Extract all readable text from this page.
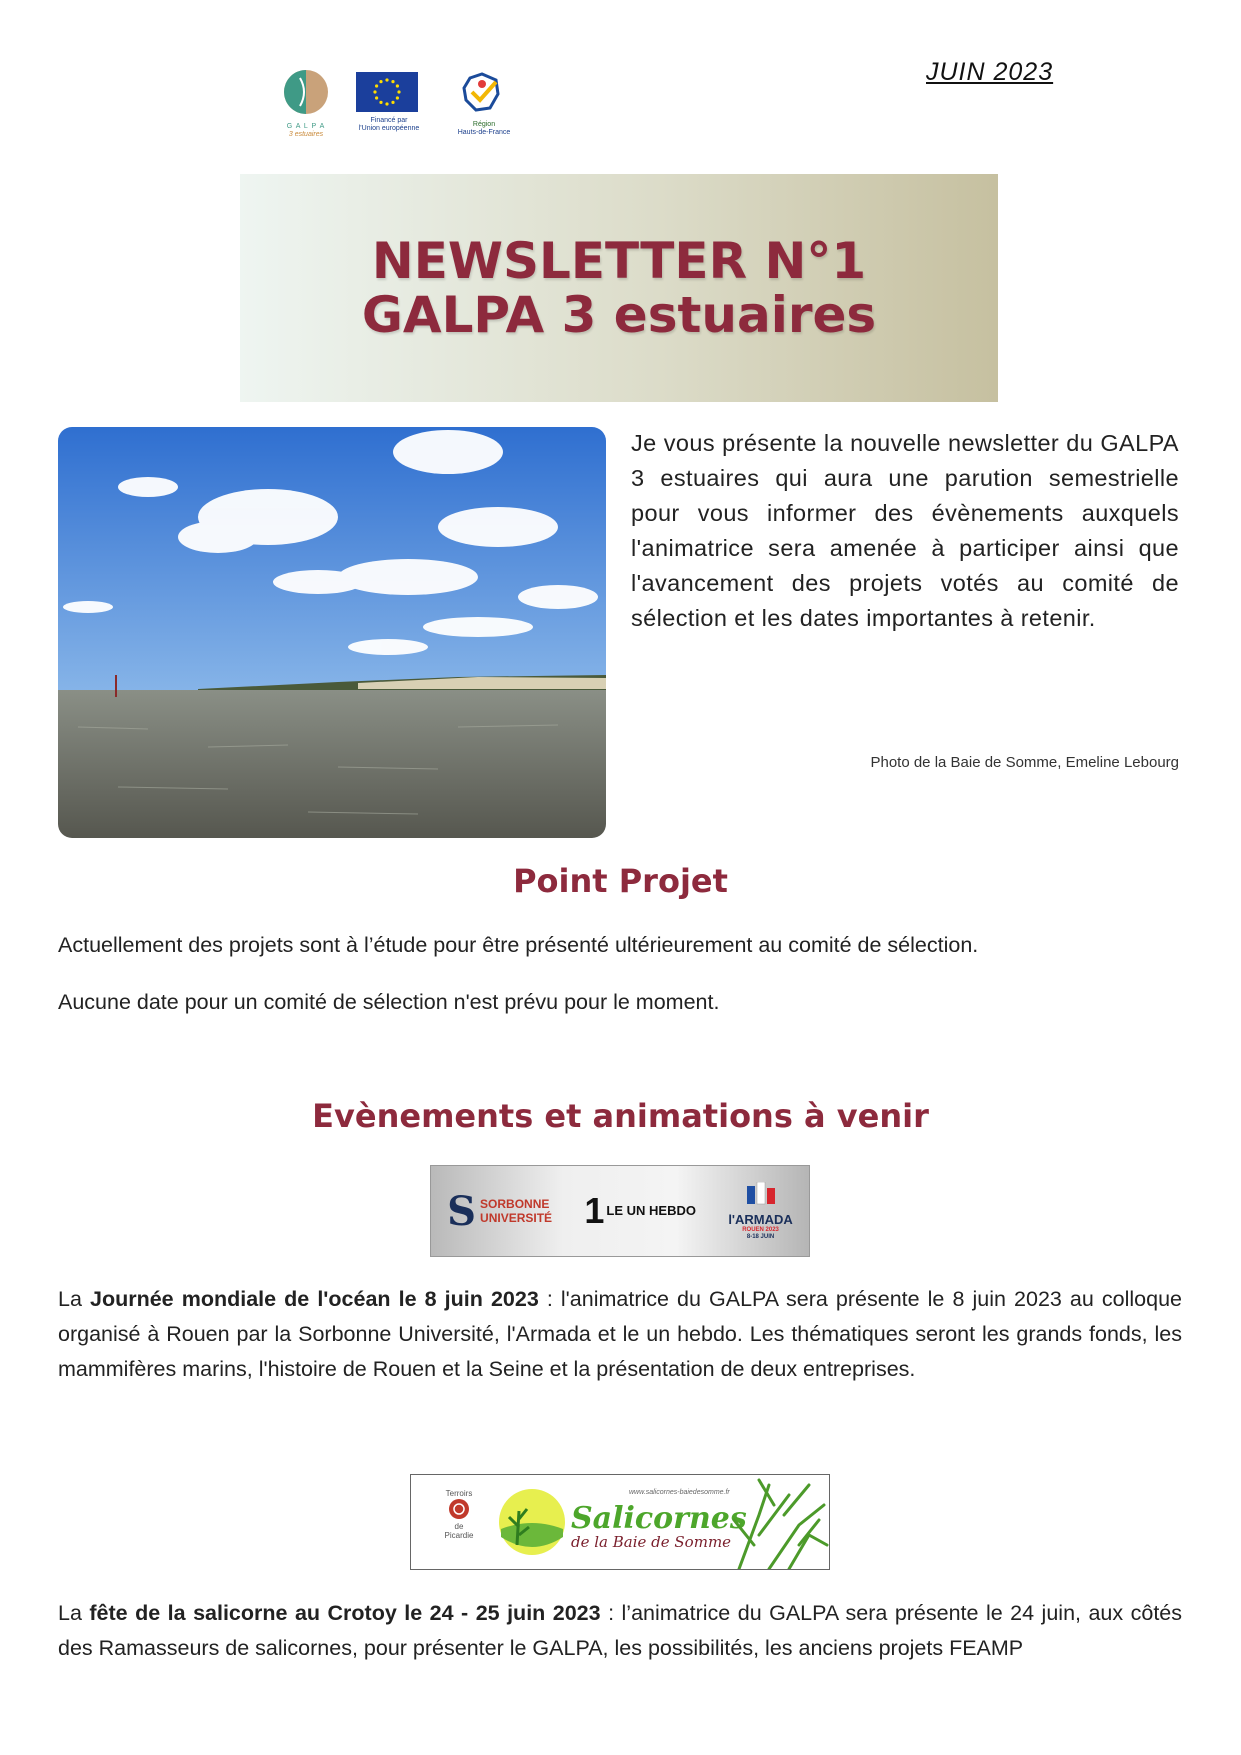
JUIN 2023
G A L P A
3 estuaires
Financé par
l'Union européenne
Région
Hauts-de-France
NEWSLETTER N°1
GALPA 3 estuaires
Je vous présente la nouvelle newsletter du GALPA 3 estuaires qui aura une parution semestrielle pour vous informer des évènements auxquels l'animatrice sera amenée à participer ainsi que l'avancement des projets votés au comité de sélection et les dates importantes à retenir.
Photo de la Baie de Somme, Emeline Lebourg
Point Projet
Actuellement des projets sont à l’étude pour être présenté ultérieurement au comité de sélection.
Aucune date pour un comité de sélection n'est prévu pour le moment.
Evènements et animations à venir
S SORBONNE
UNIVERSITÉ 1 LE UN HEBDO
l'ARMADA
ROUEN 2023
8-18 JUIN
La Journée mondiale de l'océan le 8 juin 2023 : l'animatrice du GALPA sera présente le 8 juin 2023 au colloque organisé à Rouen par la Sorbonne Université, l'Armada et le un hebdo. Les thématiques seront les grands fonds, les mammifères marins, l'histoire de Rouen et la Seine et la présentation de deux entreprises.
Terroirs
de
Picardie
www.salicornes-baiedesomme.fr
Salicornes
de la Baie de Somme
La fête de la salicorne au Crotoy le 24 - 25 juin 2023 : l’animatrice du GALPA sera présente le 24 juin, aux côtés des Ramasseurs de salicornes, pour présenter le GALPA, les possibilités, les anciens projets FEAMP
